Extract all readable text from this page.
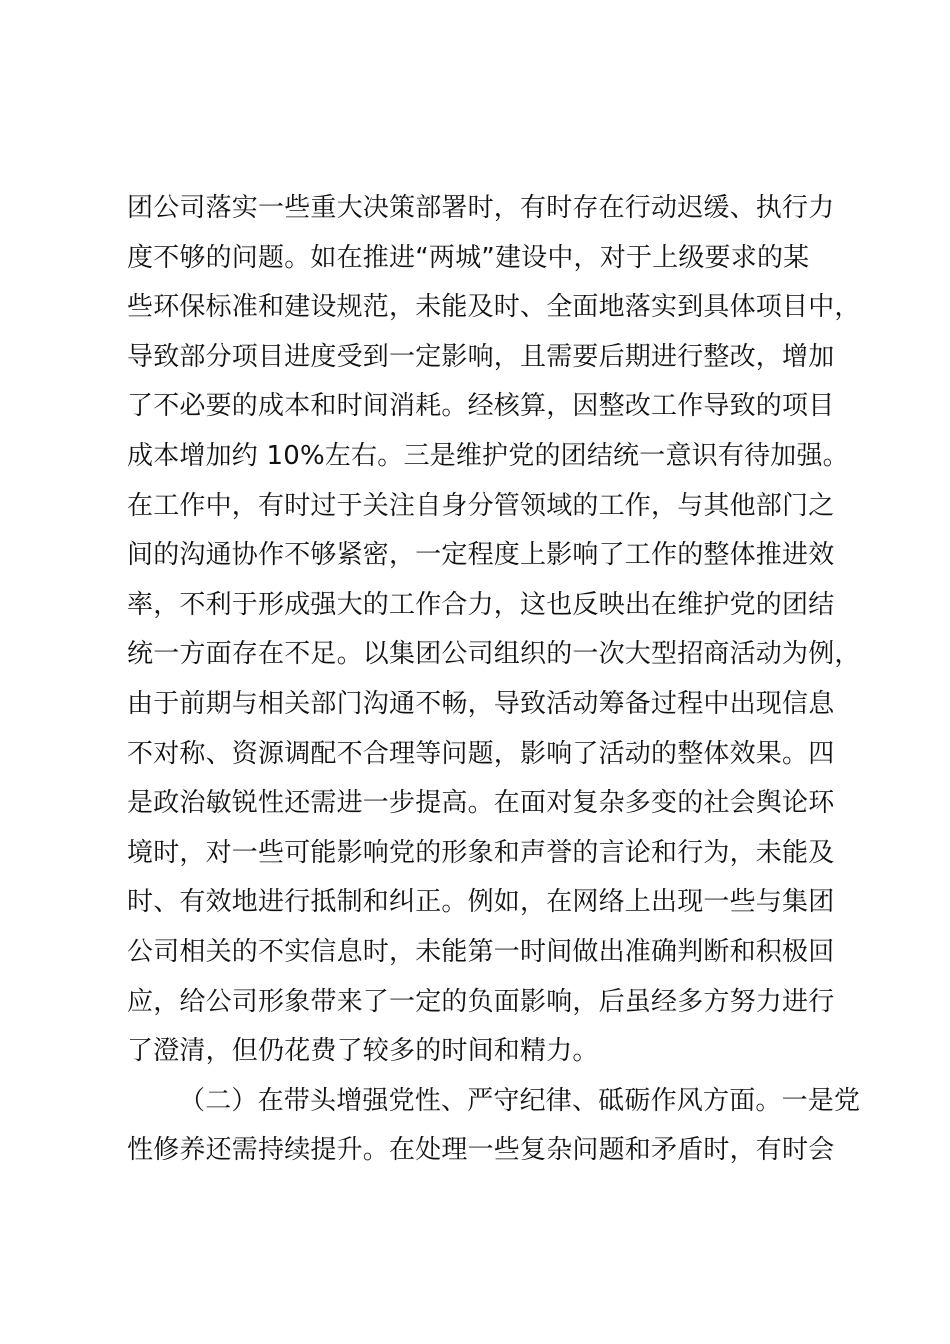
团公司落实一些重大决策部署时，有时存在行动迟缓、执行力
度不够的问题。如在推进“两城”建设中，对于上级要求的某
些环保标准和建设规范，未能及时、全面地落实到具体项目中，
导致部分项目进度受到一定影响，且需要后期进行整改，增加
了不必要的成本和时间消耗。经核算，因整改工作导致的项目
成本增加约 10%左右。三是维护党的团结统一意识有待加强。
在工作中，有时过于关注自身分管领域的工作，与其他部门之
间的沟通协作不够紧密，一定程度上影响了工作的整体推进效
率，不利于形成强大的工作合力，这也反映出在维护党的团结
统一方面存在不足。以集团公司组织的一次大型招商活动为例，
由于前期与相关部门沟通不畅，导致活动筹备过程中出现信息
不对称、资源调配不合理等问题，影响了活动的整体效果。四
是政治敏锐性还需进一步提高。在面对复杂多变的社会舆论环
境时，对一些可能影响党的形象和声誉的言论和行为，未能及
时、有效地进行抵制和纠正。例如，在网络上出现一些与集团
公司相关的不实信息时，未能第一时间做出准确判断和积极回
应，给公司形象带来了一定的负面影响，后虽经多方努力进行
了澄清，但仍花费了较多的时间和精力。
（二）在带头增强党性、严守纪律、砥砺作风方面。一是党
性修养还需持续提升。在处理一些复杂问题和矛盾时，有时会
